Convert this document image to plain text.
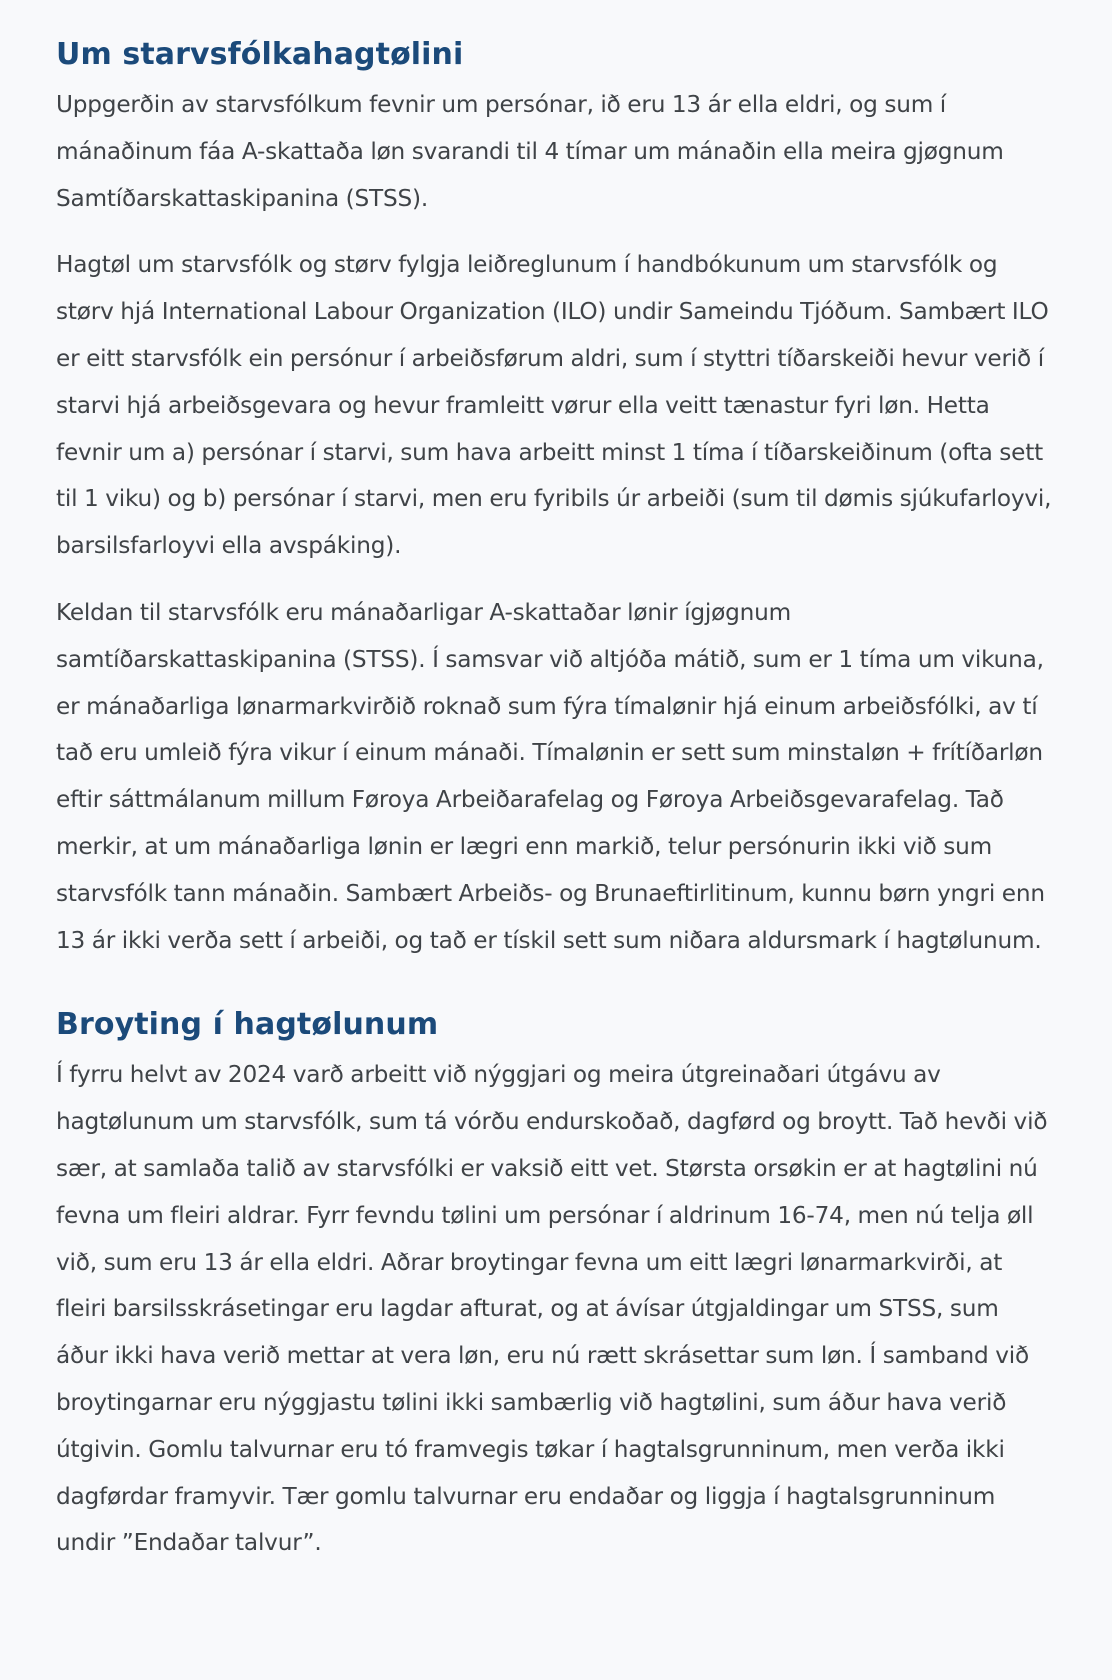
Um starvsfólkahagtølini

Uppgerðin av starvsfólkum fevnir um persónar, ið eru 13 ár ella eldri, og sum í mánaðinum fáa A-skattaða løn svarandi til 4 tímar um mánaðin ella meira gjøgnum Samtíðarskattaskipanina (STSS).

Hagtøl um starvsfólk og størv fylgja leiðreglunum í handbókunum um starvsfólk og størv hjá International Labour Organization (ILO) undir Sameindu Tjóðum. Sambært ILO er eitt starvsfólk ein persónur í arbeiðsførum aldri, sum í styttri tíðarskeiði hevur verið í starvi hjá arbeiðsgevara og hevur framleitt vørur ella veitt tænastur fyri løn. Hetta fevnir um a) persónar í starvi, sum hava arbeitt minst 1 tíma í tíðarskeiðinum (ofta sett til 1 viku) og b) persónar í starvi, men eru fyribils úr arbeiði (sum til dømis sjúkufarloyvi, barsilsfarloyvi ella avspáking).

Keldan til starvsfólk eru mánaðarligar A-skattaðar lønir ígjøgnum samtíðarskattaskipanina (STSS). Í samsvar við altjóða mátið, sum er 1 tíma um vikuna, er mánaðarliga lønarmarkvirðið roknað sum fýra tímalønir hjá einum arbeiðsfólki, av tí tað eru umleið fýra vikur í einum mánaði. Tímalønin er sett sum minstaløn + frítíðarløn eftir sáttmálanum millum Føroya Arbeiðarafelag og Føroya Arbeiðsgevarafelag. Tað merkir, at um mánaðarliga lønin er lægri enn markið, telur persónurin ikki við sum starvsfólk tann mánaðin. Sambært Arbeiðs- og Brunaeftirlitinum, kunnu børn yngri enn 13 ár ikki verða sett í arbeiði, og tað er tískil sett sum niðara aldursmark í hagtølunum.

Broyting í hagtølunum

Í fyrru helvt av 2024 varð arbeitt við nýggjari og meira útgreinaðari útgávu av hagtølunum um starvsfólk, sum tá vórðu endurskoðað, dagførd og broytt. Tað hevði við sær, at samlaða talið av starvsfólki er vaksið eitt vet. Størsta orsøkin er at hagtølini nú fevna um fleiri aldrar. Fyrr fevndu tølini um persónar í aldrinum 16-74, men nú telja øll við, sum eru 13 ár ella eldri. Aðrar broytingar fevna um eitt lægri lønarmarkvirði, at fleiri barsilsskrásetingar eru lagdar afturat, og at ávísar útgjaldingar um STSS, sum áður ikki hava verið mettar at vera løn, eru nú rætt skrásettar sum løn. Í samband við broytingarnar eru nýggjastu tølini ikki sambærlig við hagtølini, sum áður hava verið útgivin. Gomlu talvurnar eru tó framvegis tøkar í hagtalsgrunninum, men verða ikki dagførdar framyvir. Tær gomlu talvurnar eru endaðar og liggja í hagtalsgrunninum undir ”Endaðar talvur”.
